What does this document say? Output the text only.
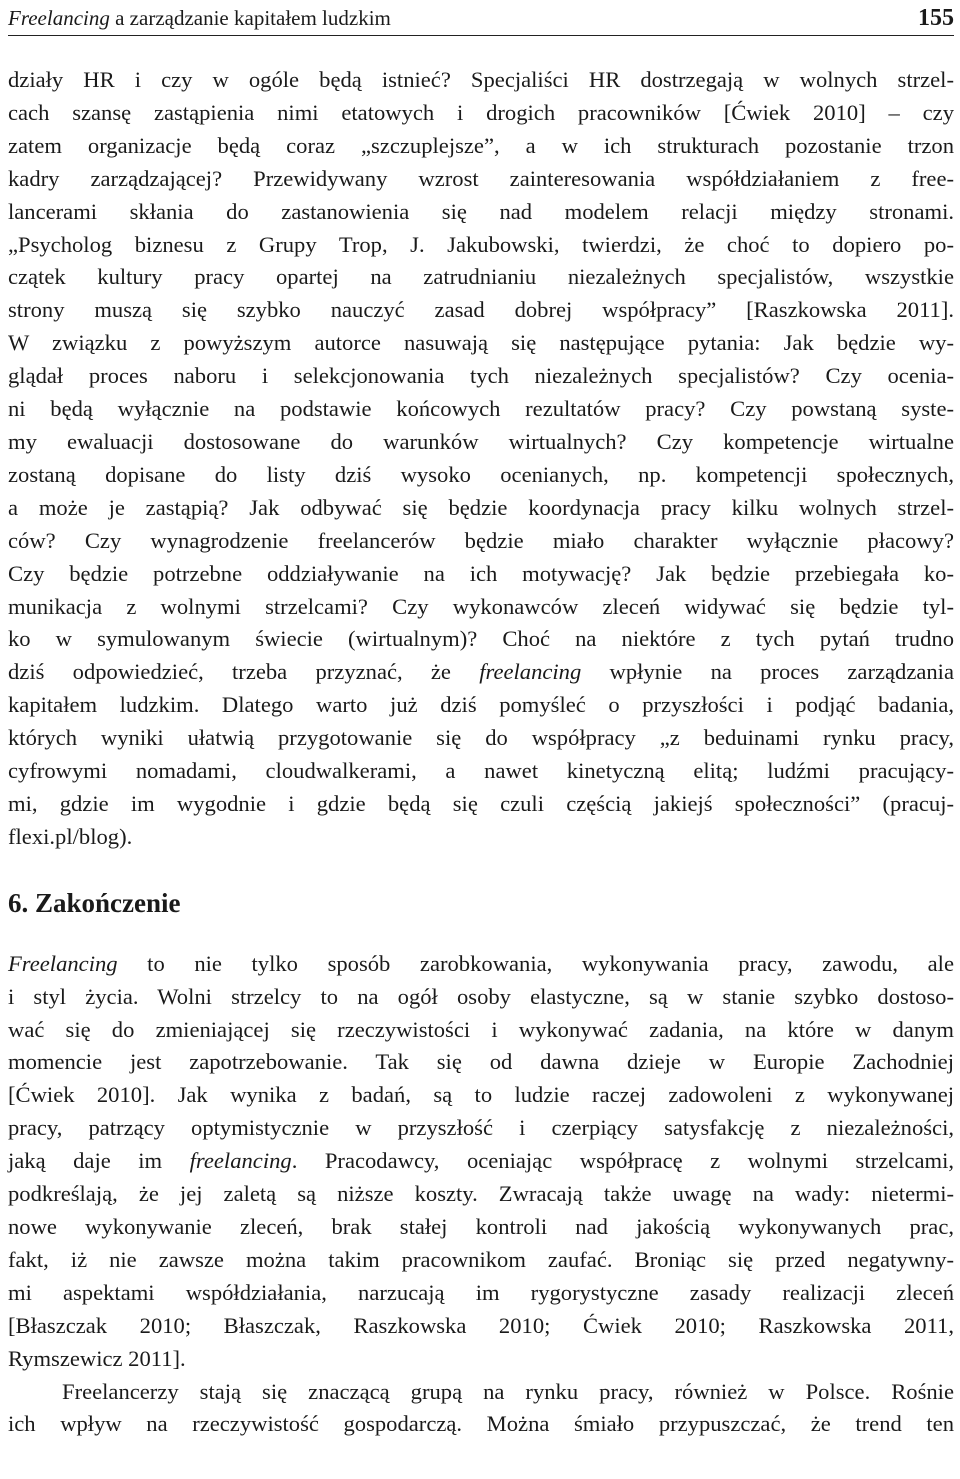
Freelancing a zarządzanie kapitałem ludzkim	155
działy HR i czy w ogóle będą istnieć? Specjaliści HR dostrzegają w wolnych strzel-
cach szansę zastąpienia nimi etatowych i drogich pracowników [Ćwiek 2010] – czy
zatem organizacje będą coraz „szczuplejsze”, a w ich strukturach pozostanie trzon
kadry zarządzającej? Przewidywany wzrost zainteresowania współdziałaniem z free-
lancerami skłania do zastanowienia się nad modelem relacji między stronami.
„Psycholog biznesu z Grupy Trop, J. Jakubowski, twierdzi, że choć to dopiero po-
czątek kultury pracy opartej na zatrudnianiu niezależnych specjalistów, wszystkie
strony muszą się szybko nauczyć zasad dobrej współpracy” [Raszkowska 2011].
W związku z powyższym autorce nasuwają się następujące pytania: Jak będzie wy-
glądał proces naboru i selekcjonowania tych niezależnych specjalistów? Czy oceniа-
ni będą wyłącznie na podstawie końcowych rezultatów pracy? Czy powstaną syste-
my ewaluacji dostosowane do warunków wirtualnych? Czy kompetencje wirtualne
zostaną dopisane do listy dziś wysoko ocenianych, np. kompetencji społecznych,
a może je zastąpią? Jak odbywać się będzie koordynacja pracy kilku wolnych strzel-
ców? Czy wynagrodzenie freelancerów będzie miało charakter wyłącznie płacowy?
Czy będzie potrzebne oddziaływanie na ich motywację? Jak będzie przebiegała ko-
munikacja z wolnymi strzelcami? Czy wykonawców zleceń widywać się będzie tyl-
ko w symulowanym świecie (wirtualnym)? Choć na niektóre z tych pytań trudno
dziś odpowiedzieć, trzeba przyznać, że freelancing wpłynie na proces zarządzania
kapitałem ludzkim. Dlatego warto już dziś pomyśleć o przyszłości i podjąć badania,
których wyniki ułatwią przygotowanie się do współpracy „z beduinami rynku pracy,
cyfrowymi nomadami, cloudwalkerami, a nawet kinetyczną elitą; ludźmi pracujący-
mi, gdzie im wygodnie i gdzie będą się czuli częścią jakiejś społeczności” (pracuj-
flexi.pl/blog).
6. Zakończenie
Freelancing to nie tylko sposób zarobkowania, wykonywania pracy, zawodu, ale
i styl życia. Wolni strzelcy to na ogół osoby elastyczne, są w stanie szybko dostoso-
wać się do zmieniającej się rzeczywistości i wykonywać zadania, na które w danym
momencie jest zapotrzebowanie. Tak się od dawna dzieje w Europie Zachodniej
[Ćwiek 2010]. Jak wynika z badań, są to ludzie raczej zadowoleni z wykonywanej
pracy, patrzący optymistycznie w przyszłość i czerpiący satysfakcję z niezależności,
jaką daje im freelancing. Pracodawcy, oceniając współpracę z wolnymi strzelcami,
podkreślają, że jej zaletą są niższe koszty. Zwracają także uwagę na wady: nietermi-
nowe wykonywanie zleceń, brak stałej kontroli nad jakością wykonywanych prac,
fakt, iż nie zawsze można takim pracownikom zaufać. Broniąc się przed negatywny-
mi aspektami współdziałania, narzucają im rygorystyczne zasady realizacji zleceń
[Błaszczak 2010; Błaszczak, Raszkowska 2010; Ćwiek 2010; Raszkowska 2011,
Rymszewicz 2011].
Freelancerzy stają się znaczącą grupą na rynku pracy, również w Polsce. Rośnie
ich wpływ na rzeczywistość gospodarczą. Można śmiało przypuszczać, że trend ten
